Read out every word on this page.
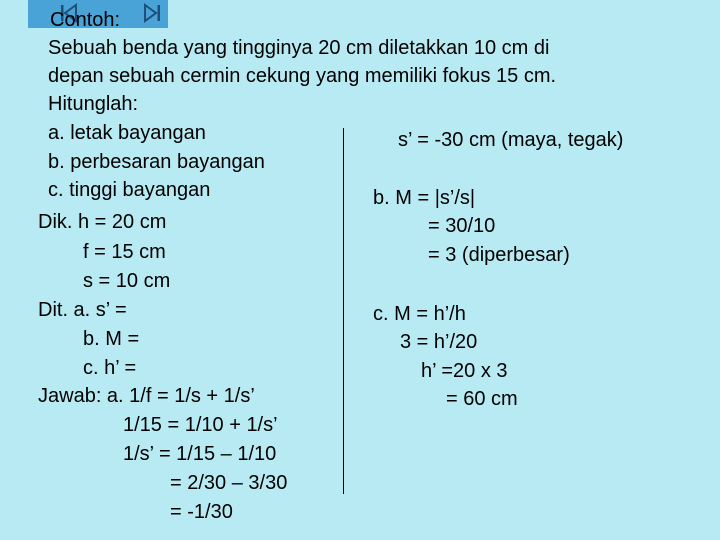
Contoh:
Sebuah benda yang tingginya 20 cm diletakkan 10 cm di
depan sebuah cermin cekung yang memiliki fokus 15 cm.
Hitunglah:
a. letak bayangan
b. perbesaran bayangan
c. tinggi bayangan
Dik. h = 20 cm
f = 15 cm
s = 10 cm
Dit. a. s’ =
b. M =
c. h’ =
Jawab: a. 1/f = 1/s + 1/s’
1/15 = 1/10 + 1/s’
1/s’ = 1/15 – 1/10
= 2/30 – 3/30
= -1/30
s’ = -30 cm (maya, tegak)
b. M = |s’/s|
= 30/10
= 3 (diperbesar)
c. M = h’/h
3 = h’/20
h’ =20 x 3
= 60 cm
